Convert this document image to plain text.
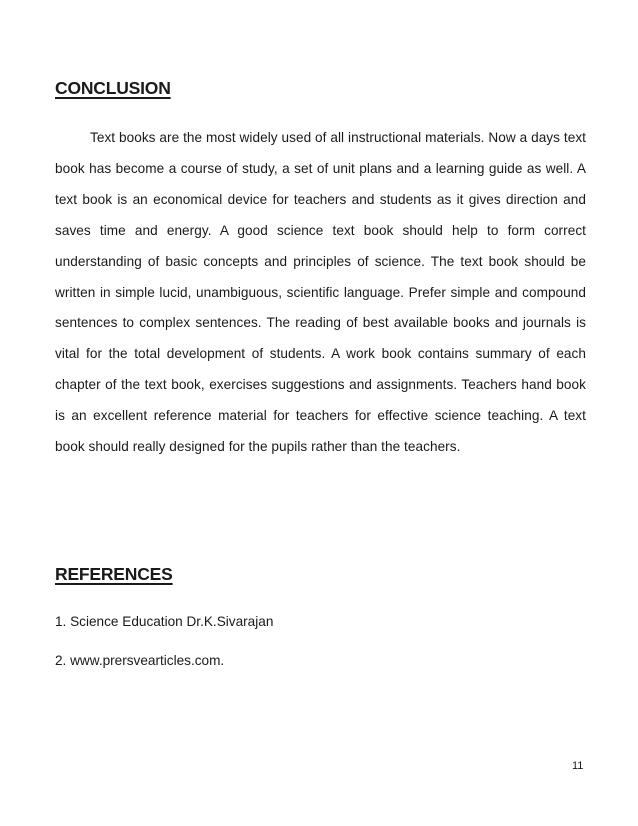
CONCLUSION

Text books are the most widely used of all instructional materials. Now a days text book has become a course of study, a set of unit plans and a learning guide as well. A text book is an economical device for teachers and students as it gives direction and saves time and energy. A good science text book should help to form correct understanding of basic concepts and principles of science. The text book should be written in simple lucid, unambiguous, scientific language. Prefer simple and compound sentences to complex sentences. The reading of best available books and journals is vital for the total development of students. A work book contains summary of each chapter of the text book, exercises suggestions and assignments. Teachers hand book is an excellent reference material for teachers for effective science teaching. A text book should really designed for the pupils rather than the teachers.

REFERENCES

1. Science Education Dr.K.Sivarajan

2. www.prersvearticles.com.

11
